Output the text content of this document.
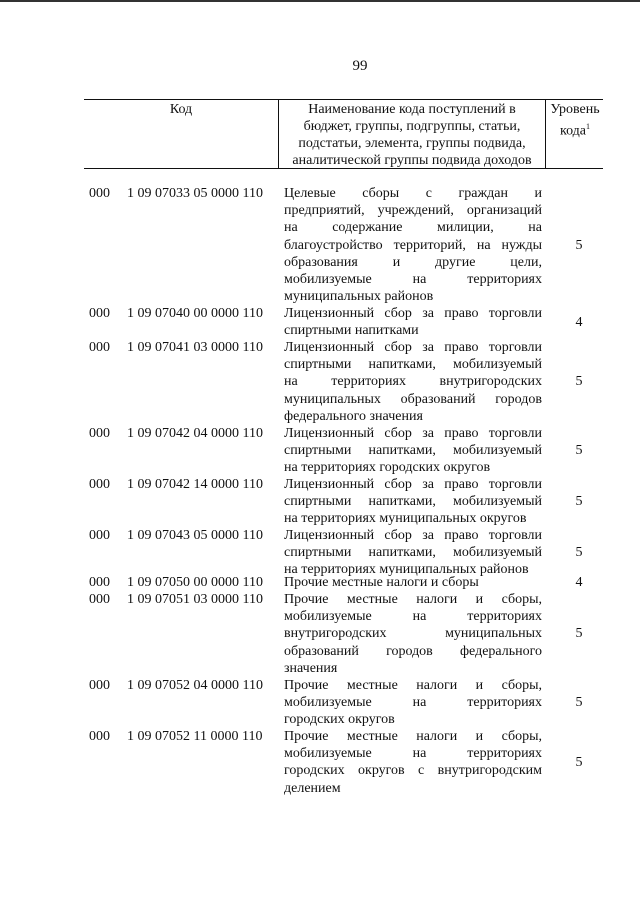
99
Код	Наименование кода поступлений в
бюджет, группы, подгруппы, статьи,
подстатьи, элемента, группы подвида,
аналитической группы подвида доходов
Уровень
кода$^1$
000 1 09 07033 05 0000 110 Целевые сборы с граждан и
предприятий, учреждений, организаций
на содержание милиции, на
благоустройство территорий, на нужды
образования и другие цели,
мобилизуемые на территориях
муниципальных районов
5
000 1 09 07040 00 0000 110 Лицензионный сбор за право торговли
спиртными напитками
4
000 1 09 07041 03 0000 110 Лицензионный сбор за право торговли
спиртными напитками, мобилизуемый
на территориях внутригородских
муниципальных образований городов
федерального значения
5
000 1 09 07042 04 0000 110 Лицензионный сбор за право торговли
спиртными напитками, мобилизуемый
на территориях городских округов
5
000 1 09 07042 14 0000 110 Лицензионный сбор за право торговли
спиртными напитками, мобилизуемый
на территориях муниципальных округов
5
000 1 09 07043 05 0000 110 Лицензионный сбор за право торговли
спиртными напитками, мобилизуемый
на территориях муниципальных районов
5
000 1 09 07050 00 0000 110 Прочие местные налоги и сборы	4
000 1 09 07051 03 0000 110 Прочие местные налоги и сборы,
мобилизуемые на территориях
внутригородских муниципальных
образований городов федерального
значения
5
000 1 09 07052 04 0000 110 Прочие местные налоги и сборы,
мобилизуемые на территориях
городских округов
5
000 1 09 07052 11 0000 110 Прочие местные налоги и сборы,
мобилизуемые на территориях
городских округов с внутригородским
делением
5
